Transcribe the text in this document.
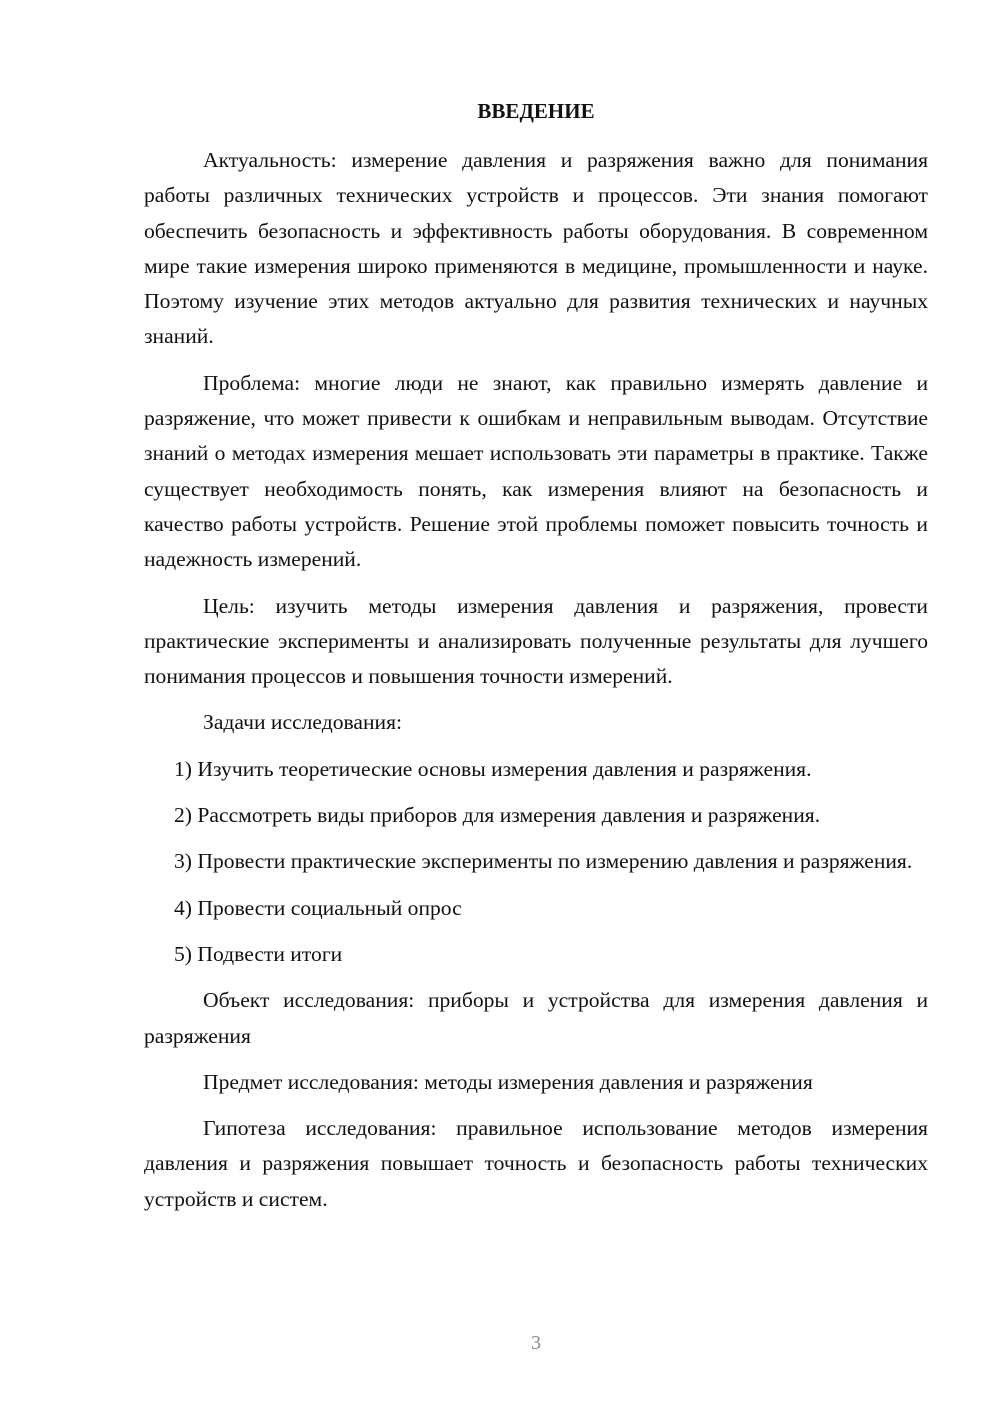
ВВЕДЕНИЕ

Актуальность: измерение давления и разряжения важно для понимания работы различных технических устройств и процессов. Эти знания помогают обеспечить безопасность и эффективность работы оборудования. В современном мире такие измерения широко применяются в медицине, промышленности и науке. Поэтому изучение этих методов актуально для развития технических и научных знаний.

Проблема: многие люди не знают, как правильно измерять давление и разряжение, что может привести к ошибкам и неправильным выводам. Отсутствие знаний о методах измерения мешает использовать эти параметры в практике. Также существует необходимость понять, как измерения влияют на безопасность и качество работы устройств. Решение этой проблемы поможет повысить точность и надежность измерений.

Цель: изучить методы измерения давления и разряжения, провести практические эксперименты и анализировать полученные результаты для лучшего понимания процессов и повышения точности измерений.

Задачи исследования:

1) Изучить теоретические основы измерения давления и разряжения.

2) Рассмотреть виды приборов для измерения давления и разряжения.

3) Провести практические эксперименты по измерению давления и разряжения.

4) Провести социальный опрос

5) Подвести итоги

Объект исследования: приборы и устройства для измерения давления и разряжения

Предмет исследования: методы измерения давления и разряжения

Гипотеза исследования: правильное использование методов измерения давления и разряжения повышает точность и безопасность работы технических устройств и систем.

3
